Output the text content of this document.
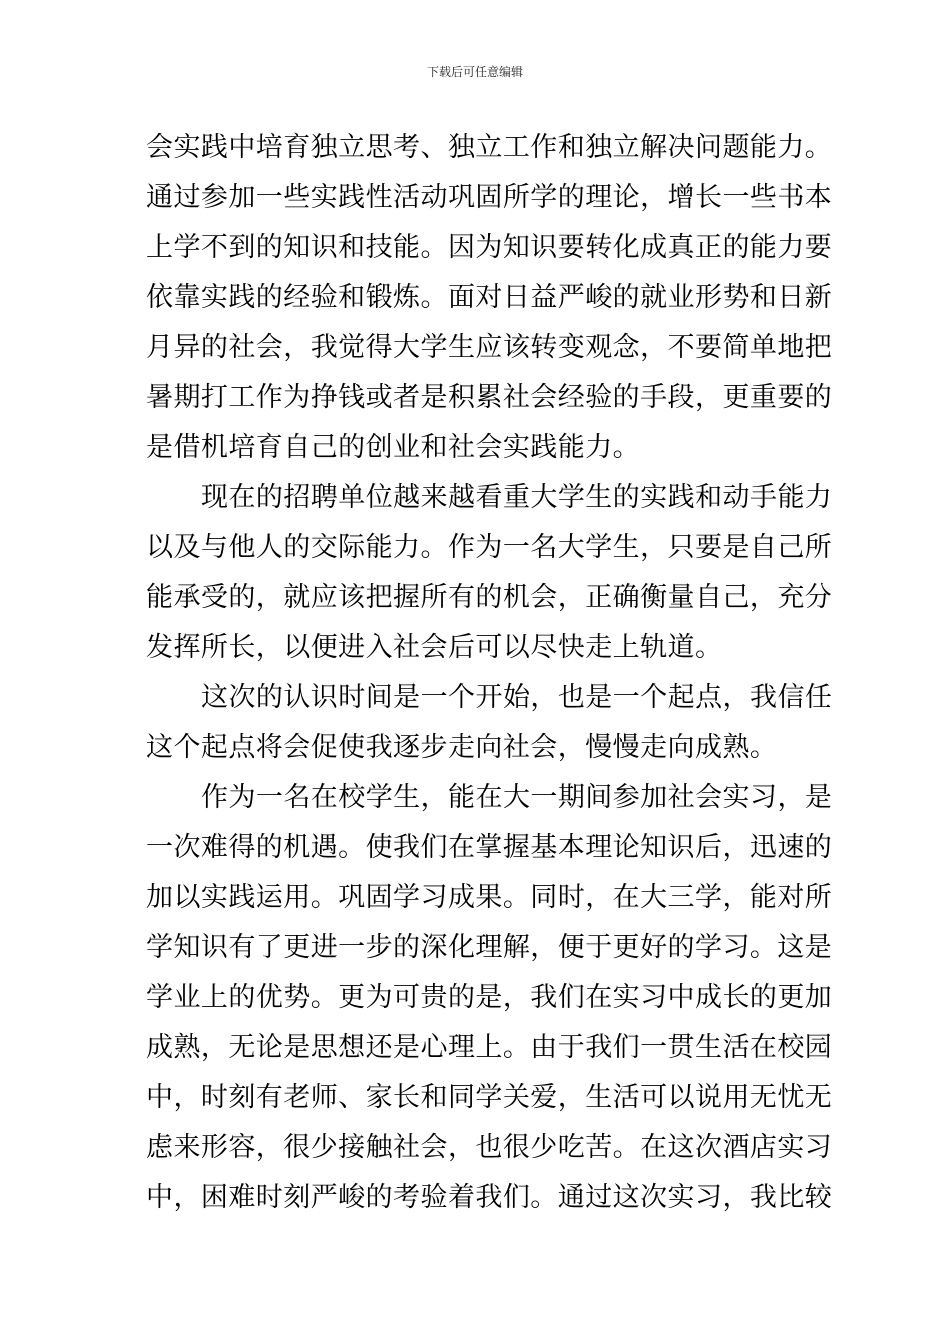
下载后可任意编辑
会实践中培育独立思考、独立工作和独立解决问题能力。
通过参加一些实践性活动巩固所学的理论，增长一些书本
上学不到的知识和技能。因为知识要转化成真正的能力要
依靠实践的经验和锻炼。面对日益严峻的就业形势和日新
月异的社会，我觉得大学生应该转变观念，不要简单地把
暑期打工作为挣钱或者是积累社会经验的手段，更重要的
是借机培育自己的创业和社会实践能力。
现在的招聘单位越来越看重大学生的实践和动手能力
以及与他人的交际能力。作为一名大学生，只要是自己所
能承受的，就应该把握所有的机会，正确衡量自己，充分
发挥所长，以便进入社会后可以尽快走上轨道。
这次的认识时间是一个开始，也是一个起点，我信任
这个起点将会促使我逐步走向社会，慢慢走向成熟。
作为一名在校学生，能在大一期间参加社会实习，是
一次难得的机遇。使我们在掌握基本理论知识后，迅速的
加以实践运用。巩固学习成果。同时，在大三学，能对所
学知识有了更进一步的深化理解，便于更好的学习。这是
学业上的优势。更为可贵的是，我们在实习中成长的更加
成熟，无论是思想还是心理上。由于我们一贯生活在校园
中，时刻有老师、家长和同学关爱，生活可以说用无忧无
虑来形容，很少接触社会，也很少吃苦。在这次酒店实习
中，困难时刻严峻的考验着我们。通过这次实习，我比较
